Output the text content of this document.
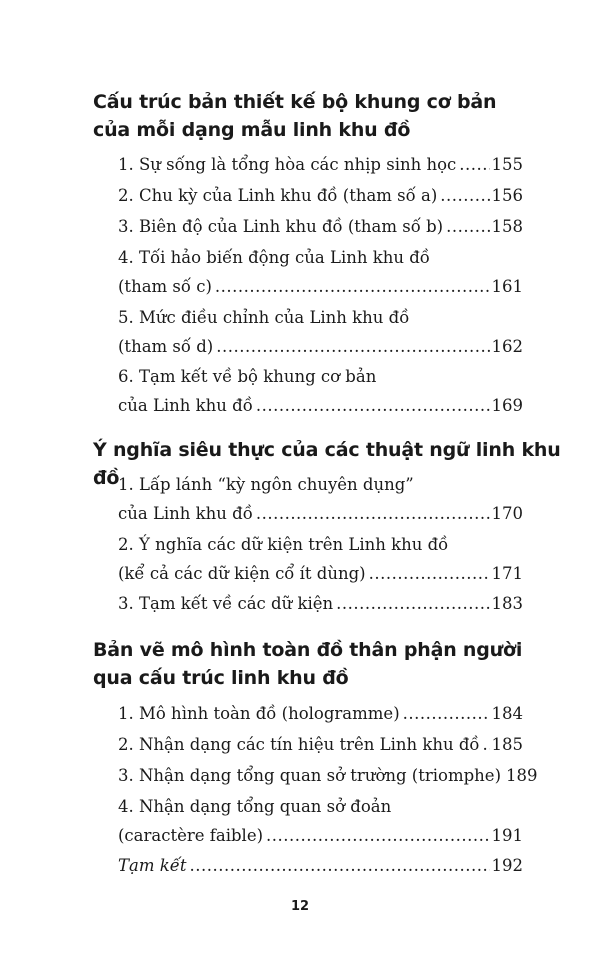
Cấu trúc bản thiết kế bộ khung cơ bản
của mỗi dạng mẫu linh khu đồ
1. Sự sống là tổng hòa các nhịp sinh học ..... 155
2. Chu kỳ của Linh khu đồ (tham số a) .....	156
3. Biên độ của Linh khu đồ (tham số b) .....	158
4. Tối hảo biến động của Linh khu đồ
(tham số c) .....	161
5. Mức điều chỉnh của Linh khu đồ
(tham số d) .....	162
6. Tạm kết về bộ khung cơ bản
của Linh khu đồ .....	169
Ý nghĩa siêu thực của các thuật ngữ linh khu đồ
1. Lấp lánh “kỳ ngôn chuyên dụng”
của Linh khu đồ .....	170
2. Ý nghĩa các dữ kiện trên Linh khu đồ
(kể cả các dữ kiện cổ ít dùng) .....	171
3. Tạm kết về các dữ kiện .....	183
Bản vẽ mô hình toàn đồ thân phận người
qua cấu trúc linh khu đồ
1. Mô hình toàn đồ (hologramme) .....	184
2. Nhận dạng các tín hiệu trên Linh khu đồ ..... 185
3. Nhận dạng tổng quan sở trường (triomphe) 189
4. Nhận dạng tổng quan sở đoản
(caractère faible) .....	191
Tạm kết .....	192
12
